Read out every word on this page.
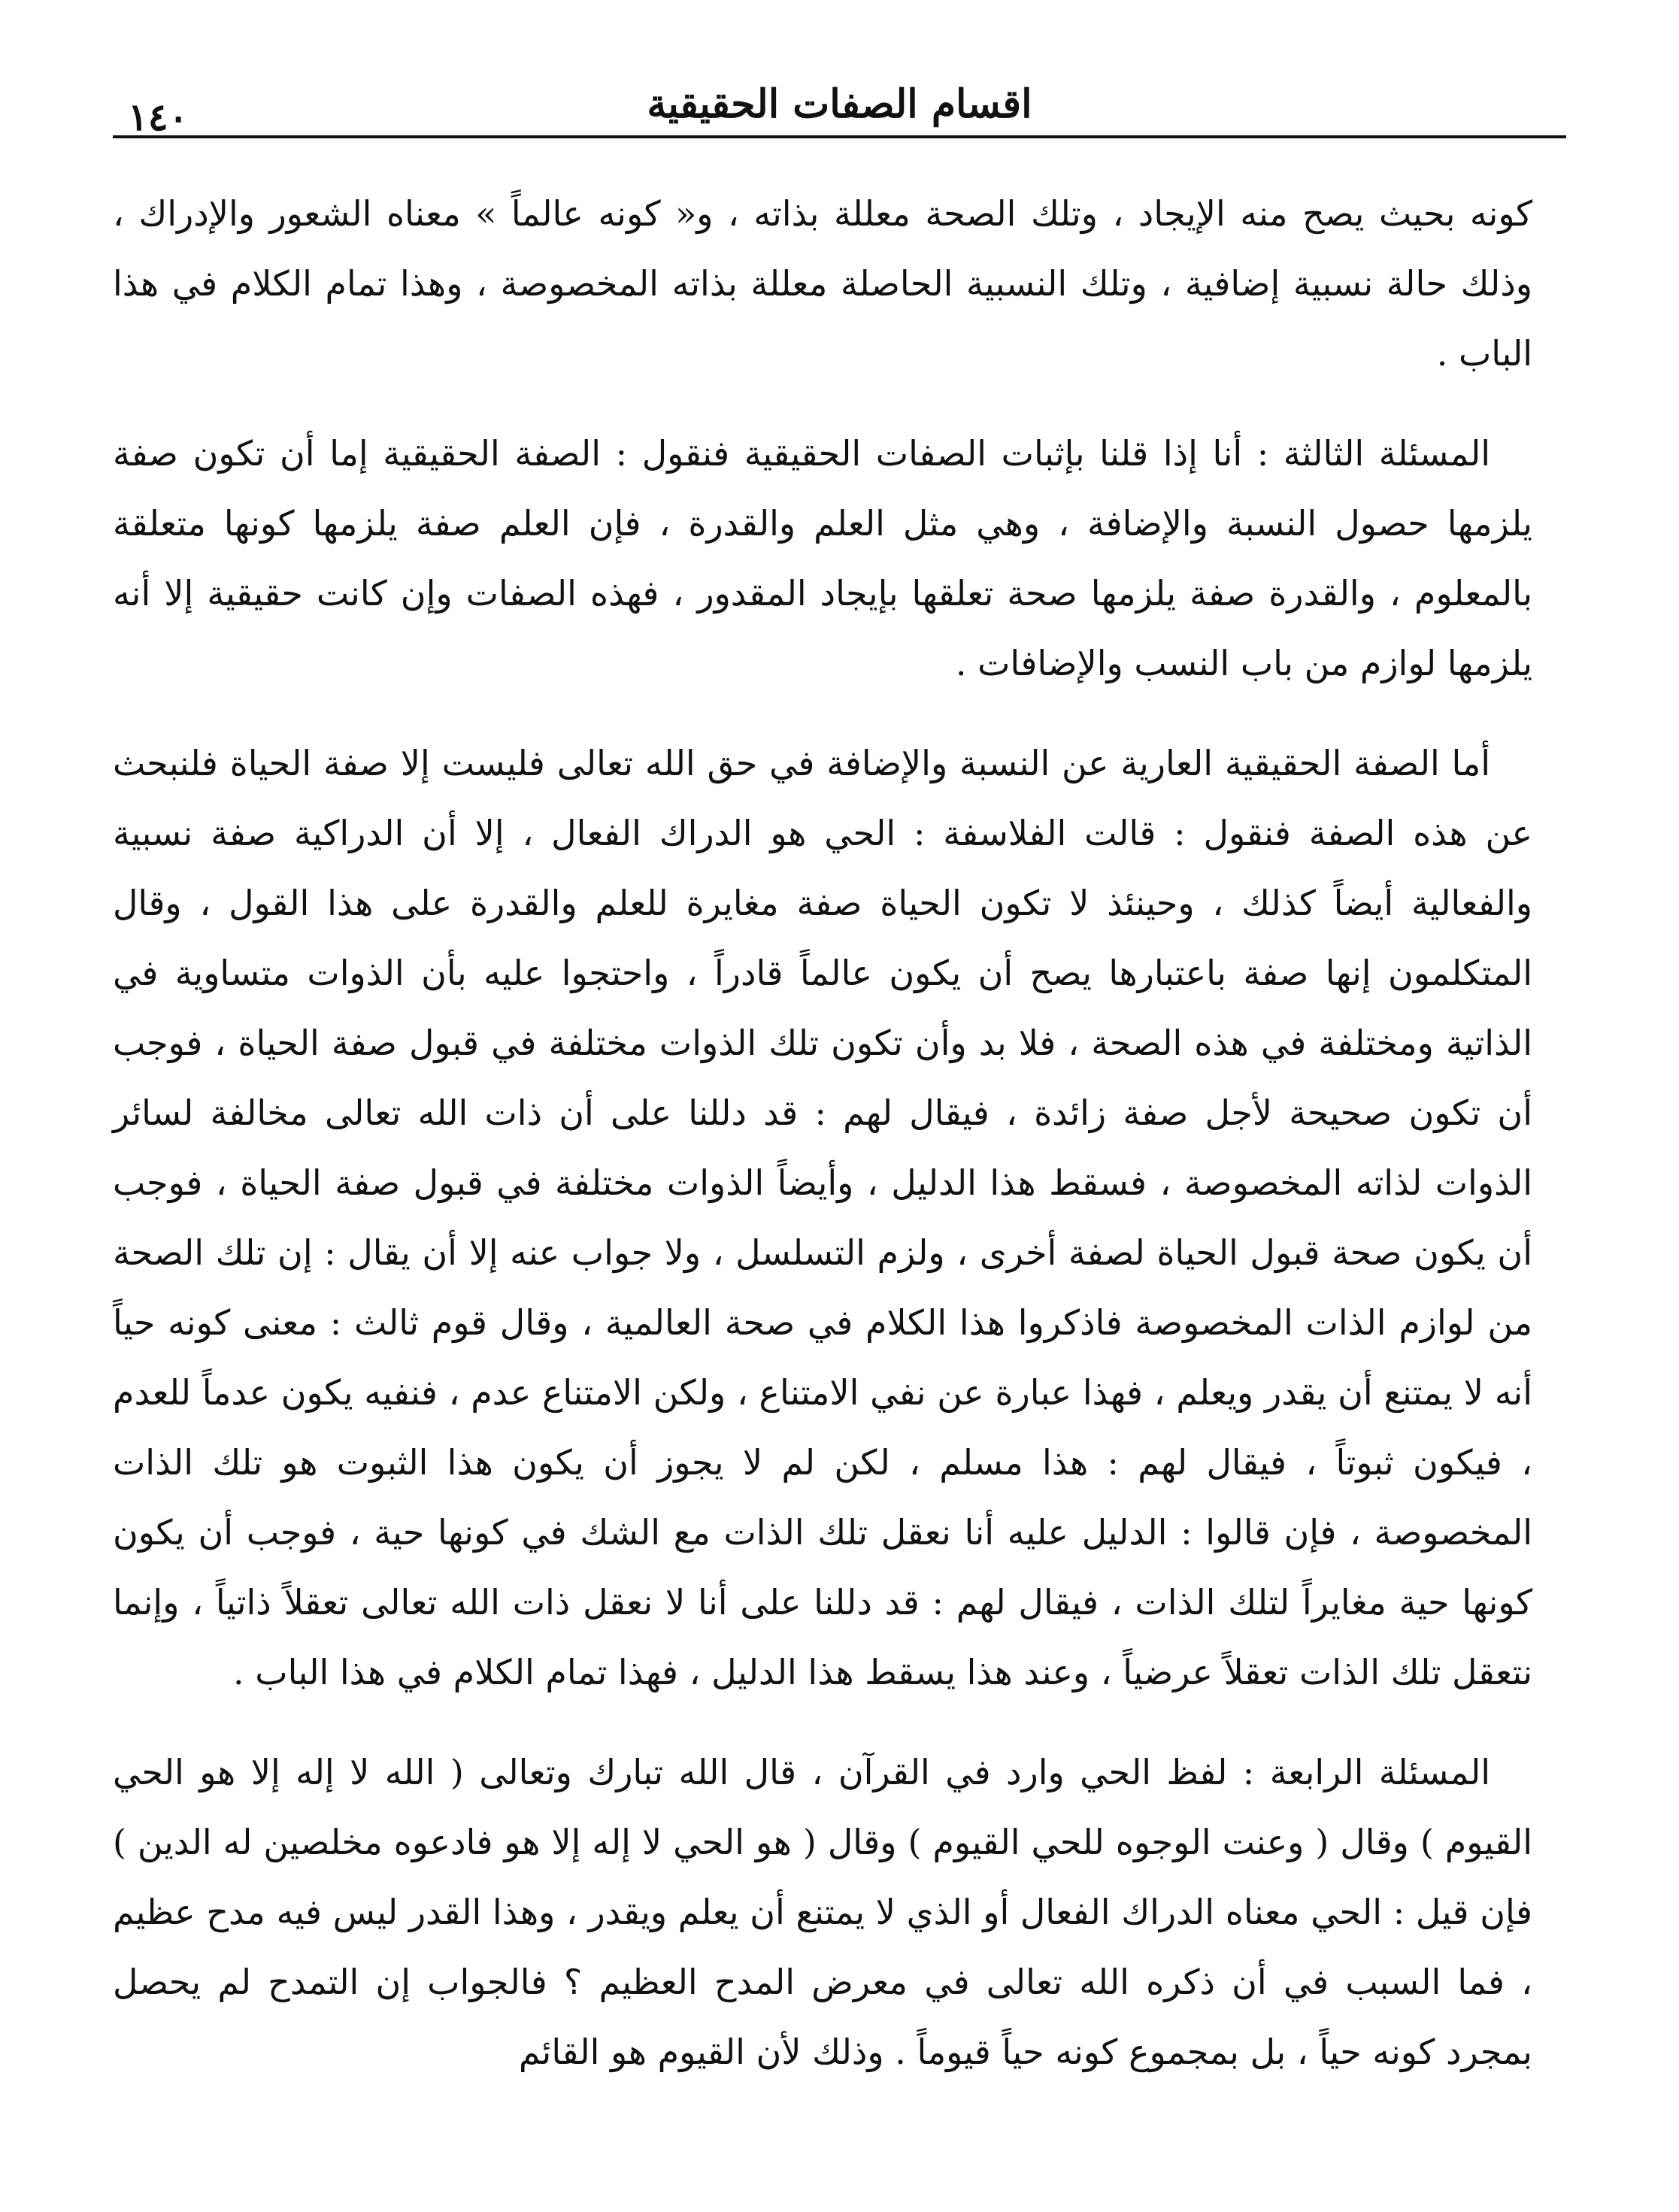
اقسام الصفات الحقيقية
١٤٠

كونه بحيث يصح منه الإيجاد ، وتلك الصحة معللة بذاته ، و« كونه عالماً » معناه الشعور والإدراك ، وذلك حالة نسبية إضافية ، وتلك النسبية الحاصلة معللة بذاته المخصوصة ، وهذا تمام الكلام في هذا الباب .

المسئلة الثالثة : أنا إذا قلنا بإثبات الصفات الحقيقية فنقول : الصفة الحقيقية إما أن تكون صفة يلزمها حصول النسبة والإضافة ، وهي مثل العلم والقدرة ، فإن العلم صفة يلزمها كونها متعلقة بالمعلوم ، والقدرة صفة يلزمها صحة تعلقها بإيجاد المقدور ، فهذه الصفات وإن كانت حقيقية إلا أنه يلزمها لوازم من باب النسب والإضافات .

أما الصفة الحقيقية العارية عن النسبة والإضافة في حق الله تعالى فليست إلا صفة الحياة فلنبحث عن هذه الصفة فنقول : قالت الفلاسفة : الحي هو الدراك الفعال ، إلا أن الدراكية صفة نسبية والفعالية أيضاً كذلك ، وحينئذ لا تكون الحياة صفة مغايرة للعلم والقدرة على هذا القول ، وقال المتكلمون إنها صفة باعتبارها يصح أن يكون عالماً قادراً ، واحتجوا عليه بأن الذوات متساوية في الذاتية ومختلفة في هذه الصحة ، فلا بد وأن تكون تلك الذوات مختلفة في قبول صفة الحياة ، فوجب أن تكون صحيحة لأجل صفة زائدة ، فيقال لهم : قد دللنا على أن ذات الله تعالى مخالفة لسائر الذوات لذاته المخصوصة ، فسقط هذا الدليل ، وأيضاً الذوات مختلفة في قبول صفة الحياة ، فوجب أن يكون صحة قبول الحياة لصفة أخرى ، ولزم التسلسل ، ولا جواب عنه إلا أن يقال : إن تلك الصحة من لوازم الذات المخصوصة فاذكروا هذا الكلام في صحة العالمية ، وقال قوم ثالث : معنى كونه حياً أنه لا يمتنع أن يقدر ويعلم ، فهذا عبارة عن نفي الامتناع ، ولكن الامتناع عدم ، فنفيه يكون عدماً للعدم ، فيكون ثبوتاً ، فيقال لهم : هذا مسلم ، لكن لم لا يجوز أن يكون هذا الثبوت هو تلك الذات المخصوصة ، فإن قالوا : الدليل عليه أنا نعقل تلك الذات مع الشك في كونها حية ، فوجب أن يكون كونها حية مغايراً لتلك الذات ، فيقال لهم : قد دللنا على أنا لا نعقل ذات الله تعالى تعقلاً ذاتياً ، وإنما نتعقل تلك الذات تعقلاً عرضياً ، وعند هذا يسقط هذا الدليل ، فهذا تمام الكلام في هذا الباب .

المسئلة الرابعة : لفظ الحي وارد في القرآن ، قال الله تبارك وتعالى ( الله لا إله إلا هو الحي القيوم ) وقال ( وعنت الوجوه للحي القيوم ) وقال ( هو الحي لا إله إلا هو فادعوه مخلصين له الدين ) فإن قيل : الحي معناه الدراك الفعال أو الذي لا يمتنع أن يعلم ويقدر ، وهذا القدر ليس فيه مدح عظيم ، فما السبب في أن ذكره الله تعالى في معرض المدح العظيم ؟ فالجواب إن التمدح لم يحصل بمجرد كونه حياً ، بل بمجموع كونه حياً قيوماً . وذلك لأن القيوم هو القائم
